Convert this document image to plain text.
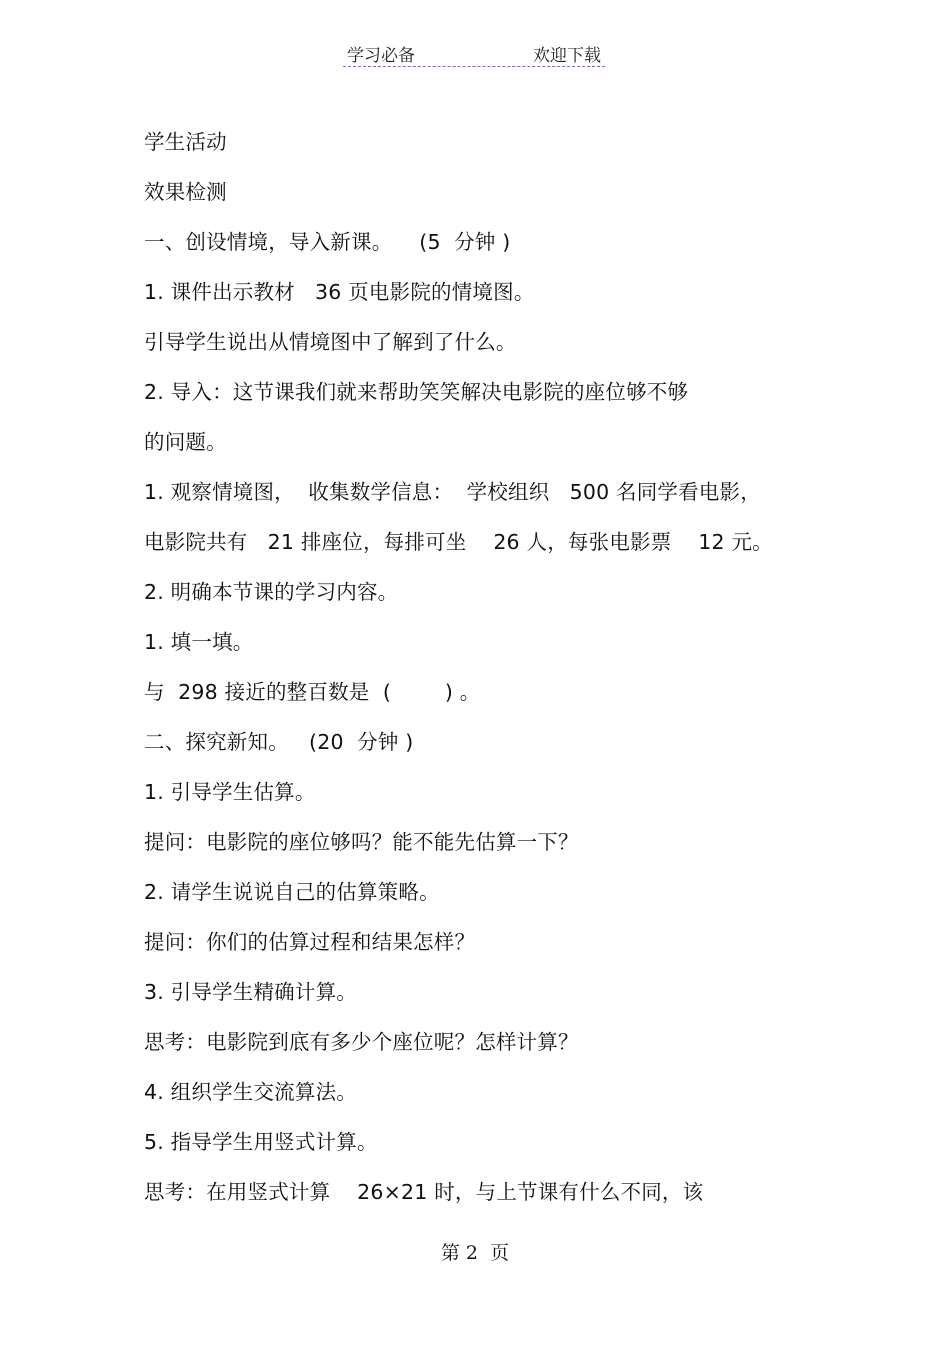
学习必备	欢迎下载
学生活动
效果检测
一、创设情境，导入新课。    (5  分钟 )
1. 课件出示教材   36 页电影院的情境图。
引导学生说出从情境图中了解到了什么。
2. 导入：这节课我们就来帮助笑笑解决电影院的座位够不够
的问题。
1. 观察情境图，  收集数学信息：  学校组织   500 名同学看电影，
电影院共有   21 排座位，每排可坐    26 人，每张电影票    12 元。
2. 明确本节课的学习内容。
1. 填一填。
与  298 接近的整百数是  (        ) 。
二、探究新知。   (20  分钟 )
1. 引导学生估算。
提问：电影院的座位够吗？能不能先估算一下？
2. 请学生说说自己的估算策略。
提问：你们的估算过程和结果怎样？
3. 引导学生精确计算。
思考：电影院到底有多少个座位呢？怎样计算？
4. 组织学生交流算法。
5. 指导学生用竖式计算。
思考：在用竖式计算    26×21 时，与上节课有什么不同，该
第 2  页
